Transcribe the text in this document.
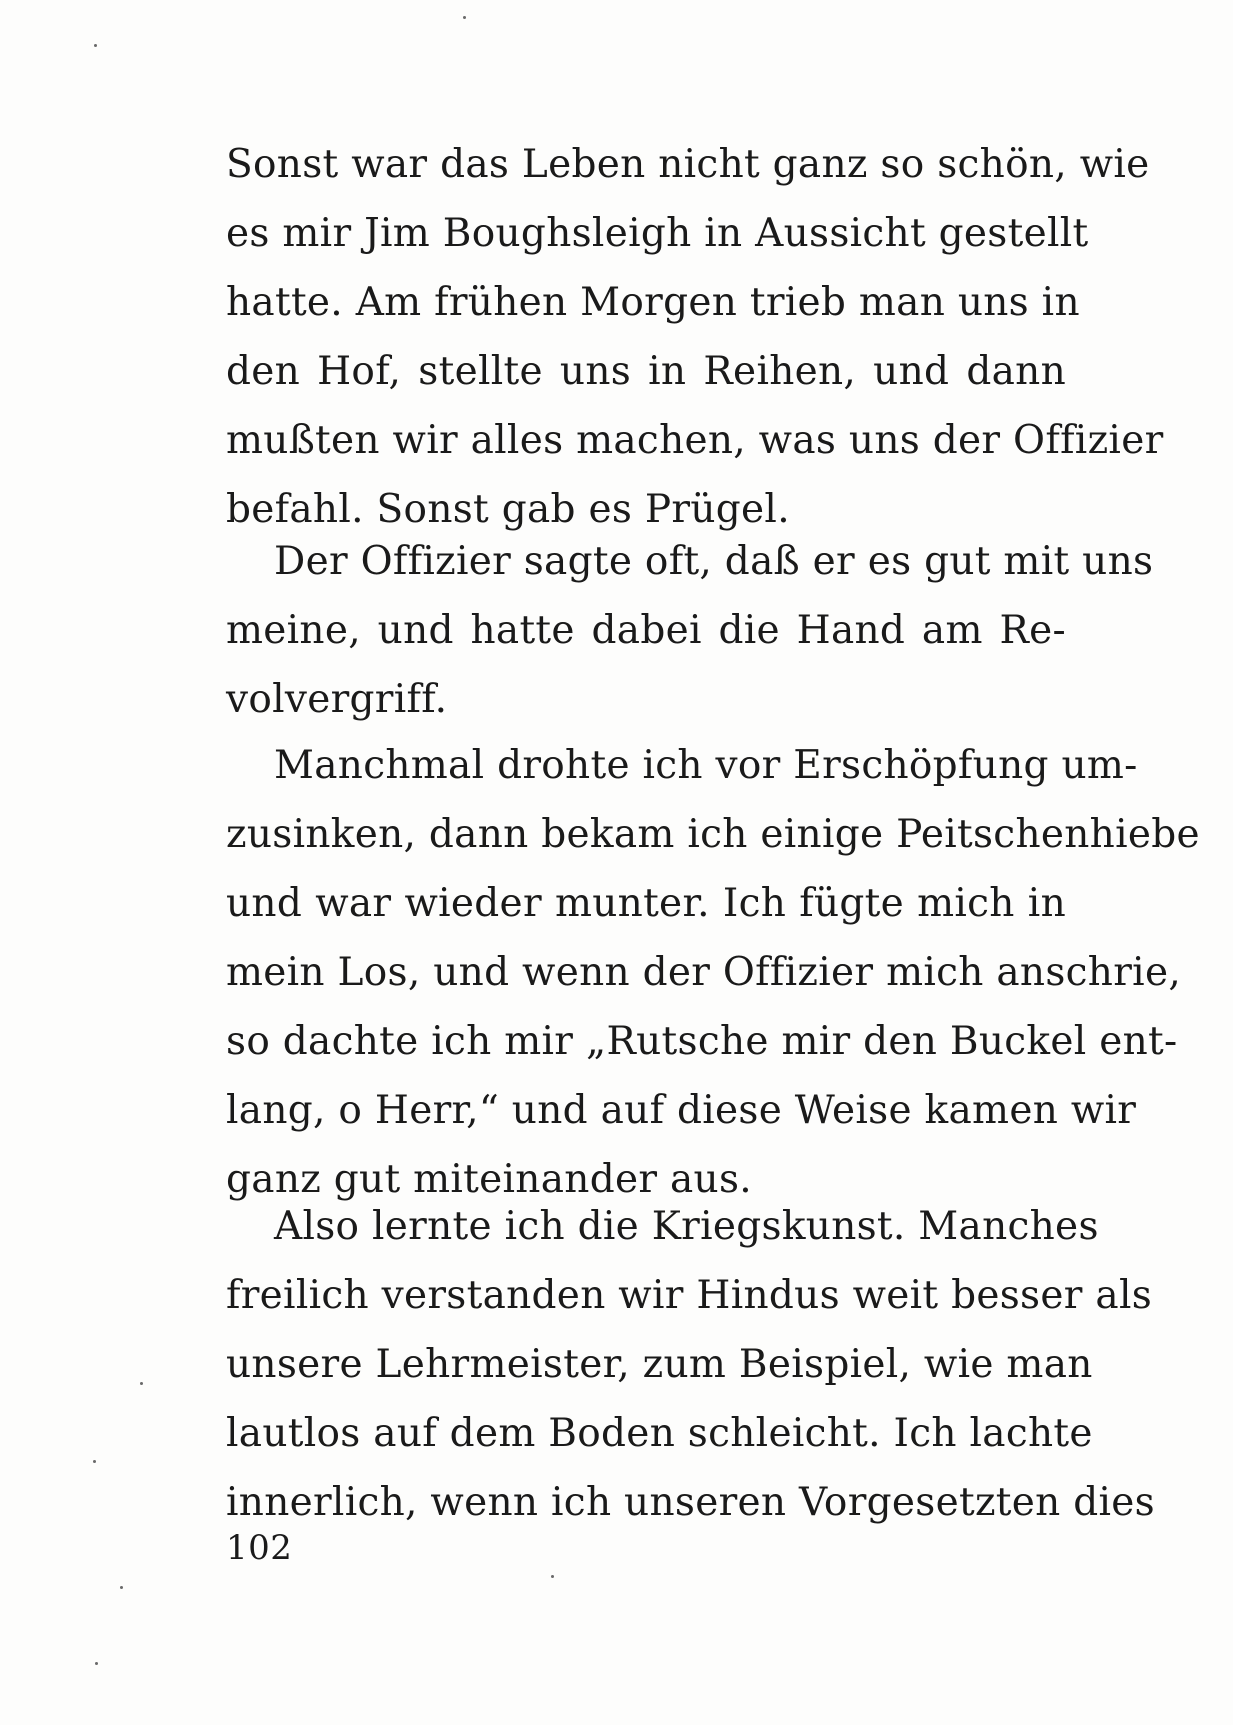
Sonst war das Leben nicht ganz so schön, wie
es mir Jim Boughsleigh in Aussicht gestellt
hatte. Am frühen Morgen trieb man uns in
den Hof, stellte uns in Reihen, und dann
mußten wir alles machen, was uns der Offizier
befahl. Sonst gab es Prügel.
Der Offizier sagte oft, daß er es gut mit uns
meine, und hatte dabei die Hand am Re-
volvergriff.
Manchmal drohte ich vor Erschöpfung um-
zusinken, dann bekam ich einige Peitschenhiebe
und war wieder munter. Ich fügte mich in
mein Los, und wenn der Offizier mich anschrie,
so dachte ich mir „Rutsche mir den Buckel ent-
lang, o Herr,“ und auf diese Weise kamen wir
ganz gut miteinander aus.
Also lernte ich die Kriegskunst. Manches
freilich verstanden wir Hindus weit besser als
unsere Lehrmeister, zum Beispiel, wie man
lautlos auf dem Boden schleicht. Ich lachte
innerlich, wenn ich unseren Vorgesetzten dies
102
